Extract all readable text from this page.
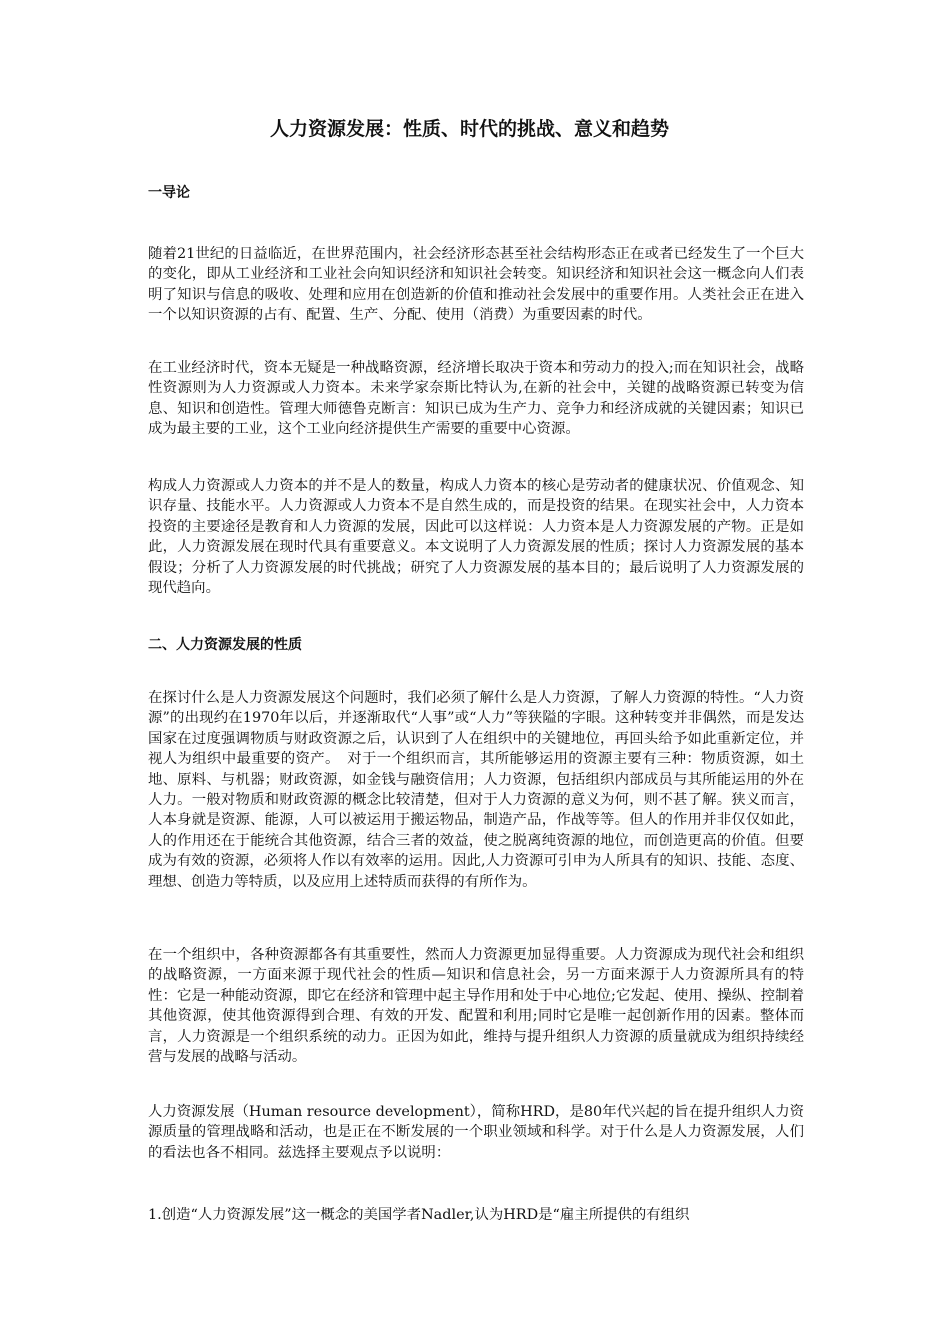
人力资源发展：性质、时代的挑战、意义和趋势
一导论

随着21世纪的日益临近，在世界范围内，社会经济形态甚至社会结构形态正在或者已经发生了一个巨大的变化，即从工业经济和工业社会向知识经济和知识社会转变。知识经济和知识社会这一概念向人们表明了知识与信息的吸收、处理和应用在创造新的价值和推动社会发展中的重要作用。人类社会正在进入一个以知识资源的占有、配置、生产、分配、使用（消费）为重要因素的时代。

在工业经济时代，资本无疑是一种战略资源，经济增长取决于资本和劳动力的投入;而在知识社会，战略性资源则为人力资源或人力资本。未来学家奈斯比特认为,在新的社会中，关键的战略资源已转变为信息、知识和创造性。管理大师德鲁克断言：知识已成为生产力、竞争力和经济成就的关键因素；知识已成为最主要的工业，这个工业向经济提供生产需要的重要中心资源。

构成人力资源或人力资本的并不是人的数量，构成人力资本的核心是劳动者的健康状况、价值观念、知识存量、技能水平。人力资源或人力资本不是自然生成的，而是投资的结果。在现实社会中，人力资本投资的主要途径是教育和人力资源的发展，因此可以这样说：人力资本是人力资源发展的产物。正是如此，人力资源发展在现时代具有重要意义。本文说明了人力资源发展的性质；探讨人力资源发展的基本假设；分析了人力资源发展的时代挑战；研究了人力资源发展的基本目的；最后说明了人力资源发展的现代趋向。

二、人力资源发展的性质

在探讨什么是人力资源发展这个问题时，我们必须了解什么是人力资源，了解人力资源的特性。“人力资源”的出现约在1970年以后，并逐渐取代“人事”或“人力”等狭隘的字眼。这种转变并非偶然，而是发达国家在过度强调物质与财政资源之后，认识到了人在组织中的关键地位，再回头给予如此重新定位，并视人为组织中最重要的资产。　对于一个组织而言，其所能够运用的资源主要有三种：物质资源，如土地、原料、与机器；财政资源，如金钱与融资信用；人力资源，包括组织内部成员与其所能运用的外在人力。一般对物质和财政资源的概念比较清楚，但对于人力资源的意义为何，则不甚了解。狭义而言，人本身就是资源、能源，人可以被运用于搬运物品，制造产品，作战等等。但人的作用并非仅仅如此，人的作用还在于能统合其他资源，结合三者的效益，使之脱离纯资源的地位，而创造更高的价值。但要成为有效的资源，必须将人作以有效率的运用。因此,人力资源可引申为人所具有的知识、技能、态度、理想、创造力等特质，以及应用上述特质而获得的有所作为。

在一个组织中，各种资源都各有其重要性，然而人力资源更加显得重要。人力资源成为现代社会和组织的战略资源，一方面来源于现代社会的性质—知识和信息社会，另一方面来源于人力资源所具有的特性：它是一种能动资源，即它在经济和管理中起主导作用和处于中心地位;它发起、使用、操纵、控制着其他资源，使其他资源得到合理、有效的开发、配置和利用;同时它是唯一起创新作用的因素。整体而言，人力资源是一个组织系统的动力。正因为如此，维持与提升组织人力资源的质量就成为组织持续经营与发展的战略与活动。

人力资源发展（Human resource development），简称HRD，是80年代兴起的旨在提升组织人力资源质量的管理战略和活动，也是正在不断发展的一个职业领域和科学。对于什么是人力资源发展，人们的看法也各不相同。兹选择主要观点予以说明：

1.创造“人力资源发展”这一概念的美国学者Nadler,认为HRD是“雇主所提供的有组织
